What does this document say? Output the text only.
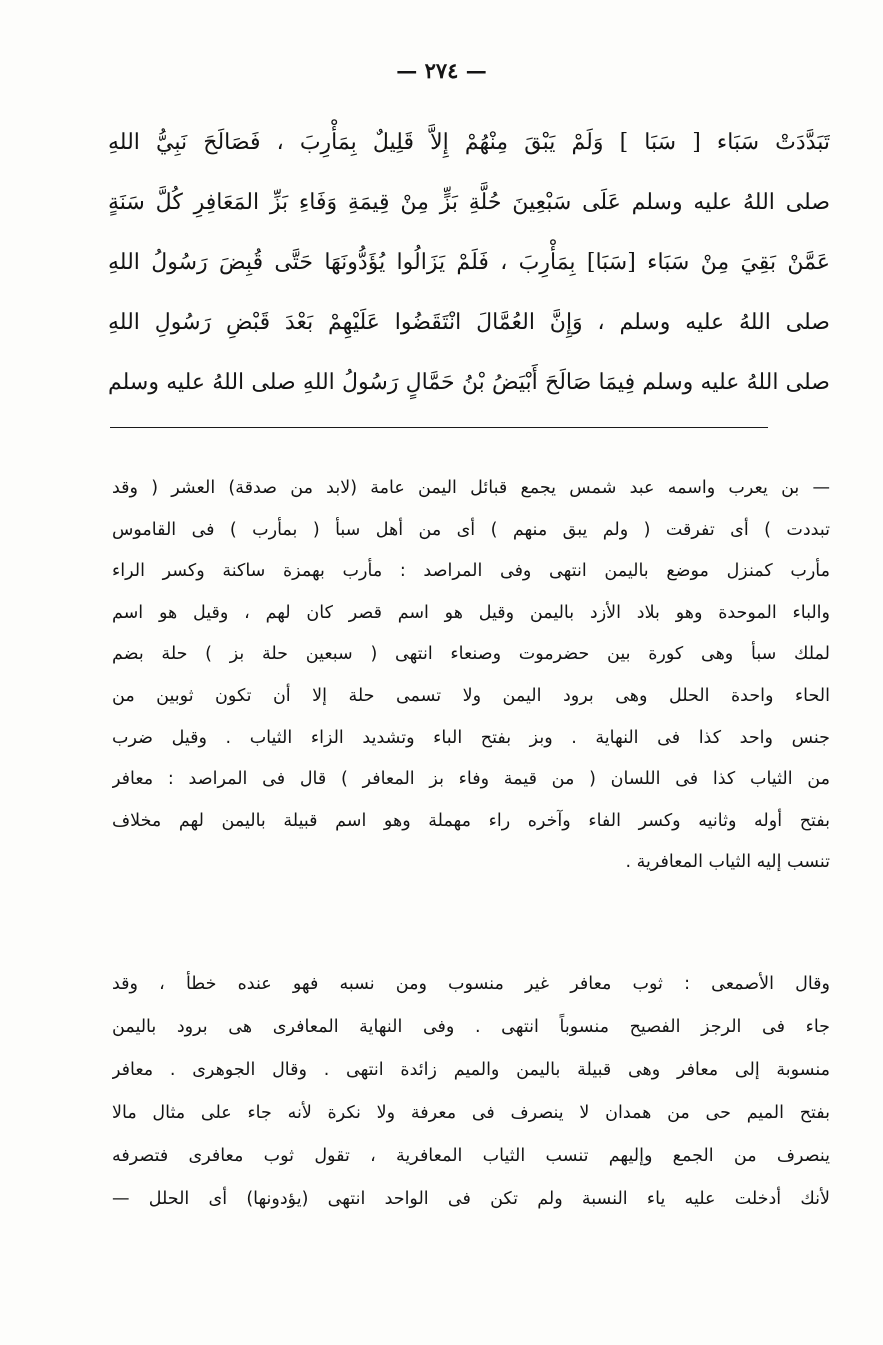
— ٢٧٤ —
تَبَدَّدَتْ سَبَاء [ سَبَا ] وَلَمْ يَبْقَ مِنْهُمْ إِلاَّ قَلِيلٌ بِمَأْرِبَ ، فَصَالَحَ نَبِيُّ اللهِ
صلى اللهُ عليه وسلم عَلَى سَبْعِينَ حُلَّةِ بَزٍّ مِنْ قِيمَةِ وَفَاءِ بَزِّ المَعَافِرِ كُلَّ سَنَةٍ
عَمَّنْ بَقِيَ مِنْ سَبَاء [سَبَا] بِمَأْرِبَ ، فَلَمْ يَزَالُوا يُؤَدُّونَهَا حَتَّى قُبِضَ رَسُولُ اللهِ
صلى اللهُ عليه وسلم ، وَإِنَّ العُمَّالَ انْتَقَضُوا عَلَيْهِمْ بَعْدَ قَبْضِ رَسُولِ اللهِ
صلى اللهُ عليه وسلم فِيمَا صَالَحَ أَبْيَضُ بْنُ حَمَّالٍ رَسُولُ اللهِ صلى اللهُ عليه وسلم
— بن يعرب واسمه عبد شمس يجمع قبائل اليمن عامة (لابد من صدقة) العشر ( وقد
تبددت ) أى تفرقت ( ولم يبق منهم ) أى من أهل سبأ ( بمأرب ) فى القاموس
مأرب كمنزل موضع باليمن انتهى وفى المراصد : مأرب بهمزة ساكنة وكسر الراء
والباء الموحدة وهو بلاد الأزد باليمن وقيل هو اسم قصر كان لهم ، وقيل هو اسم
لملك سبأ وهى كورة بين حضرموت وصنعاء انتهى ( سبعين حلة بز ) حلة بضم
الحاء واحدة الحلل وهى برود اليمن ولا تسمى حلة إلا أن تكون ثوبين من
جنس واحد كذا فى النهاية . وبز بفتح الباء وتشديد الزاء الثياب . وقيل ضرب
من الثياب كذا فى اللسان ( من قيمة وفاء بز المعافر ) قال فى المراصد : معافر
بفتح أوله وثانيه وكسر الفاء وآخره راء مهملة وهو اسم قبيلة باليمن لهم مخلاف
تنسب إليه الثياب المعافرية .
وقال الأصمعى : ثوب معافر غير منسوب ومن نسبه فهو عنده خطأ ، وقد
جاء فى الرجز الفصيح منسوباً انتهى . وفى النهاية المعافرى هى برود باليمن
منسوبة إلى معافر وهى قبيلة باليمن والميم زائدة انتهى . وقال الجوهرى . معافر
بفتح الميم حى من همدان لا ينصرف فى معرفة ولا نكرة لأنه جاء على مثال مالا
ينصرف من الجمع وإليهم تنسب الثياب المعافرية ، تقول ثوب معافرى فتصرفه
لأنك أدخلت عليه ياء النسبة ولم تكن فى الواحد انتهى (يؤدونها) أى الحلل —
